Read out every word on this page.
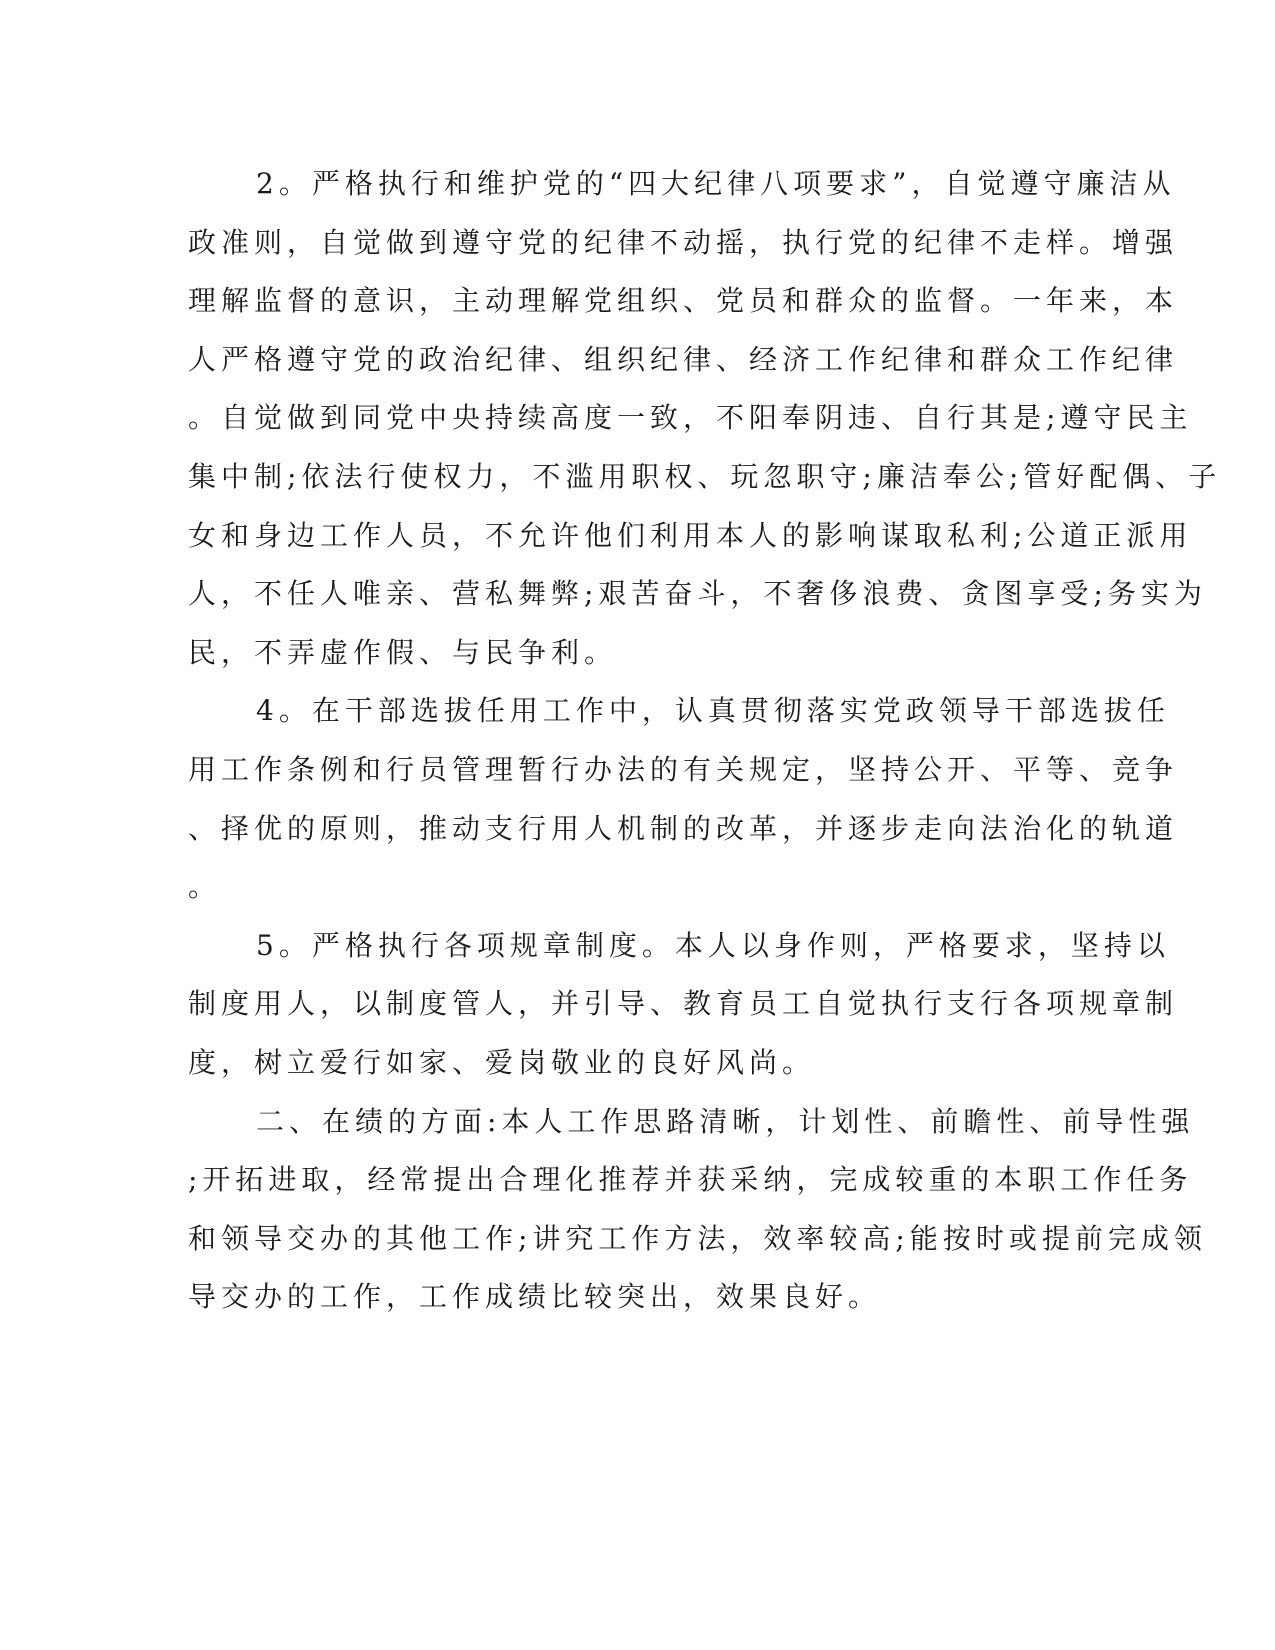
2。严格执行和维护党的“四大纪律八项要求”，自觉遵守廉洁从
政准则，自觉做到遵守党的纪律不动摇，执行党的纪律不走样。增强
理解监督的意识，主动理解党组织、党员和群众的监督。一年来，本
人严格遵守党的政治纪律、组织纪律、经济工作纪律和群众工作纪律
。自觉做到同党中央持续高度一致，不阳奉阴违、自行其是;遵守民主
集中制;依法行使权力，不滥用职权、玩忽职守;廉洁奉公;管好配偶、子
女和身边工作人员，不允许他们利用本人的影响谋取私利;公道正派用
人，不任人唯亲、营私舞弊;艰苦奋斗，不奢侈浪费、贪图享受;务实为
民，不弄虚作假、与民争利。
4。在干部选拔任用工作中，认真贯彻落实党政领导干部选拔任
用工作条例和行员管理暂行办法的有关规定，坚持公开、平等、竞争
、择优的原则，推动支行用人机制的改革，并逐步走向法治化的轨道
。
5。严格执行各项规章制度。本人以身作则，严格要求，坚持以
制度用人，以制度管人，并引导、教育员工自觉执行支行各项规章制
度，树立爱行如家、爱岗敬业的良好风尚。
二、在绩的方面:本人工作思路清晰，计划性、前瞻性、前导性强
;开拓进取，经常提出合理化推荐并获采纳，完成较重的本职工作任务
和领导交办的其他工作;讲究工作方法，效率较高;能按时或提前完成领
导交办的工作，工作成绩比较突出，效果良好。
